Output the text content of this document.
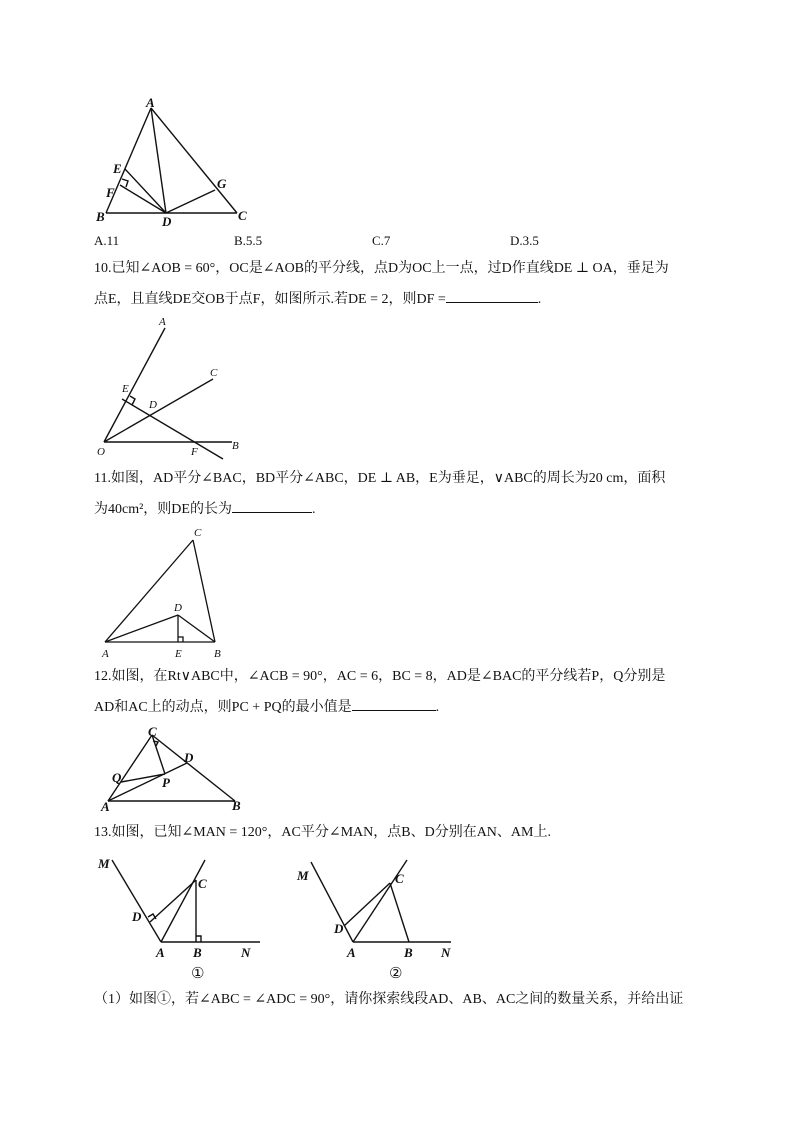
A
E
F
B	D
G
C
A.11	B.5.5	C.7	D.3.5
10.已知∠AOB = 60°，OC是∠AOB的平分线，点D为OC上一点，过D作直线DE ⊥ OA，垂足为
点E，且直线DE交OB于点F，如图所示.若DE = 2，则DF =	.
A
C
E
D
O	F	B
11.如图，AD平分∠BAC，BD平分∠ABC，DE ⊥ AB，E为垂足，∨ABC的周长为20 cm，面积
为40cm²，则DE的长为	.
C
D
A	E	B
12.如图，在Rt∨ABC中，∠ACB = 90°，AC = 6，BC = 8，AD是∠BAC的平分线若P，Q分别是
AD和AC上的动点，则PC + PQ的最小值是	.
C
D
Q	P
A	B
13.如图，已知∠MAN = 120°，AC平分∠MAN，点B、D分别在AN、AM上.
M
C
D
A B	N
①
M	C
D
A	B N
②
（1）如图①，若∠ABC = ∠ADC = 90°，请你探索线段AD、AB、AC之间的数量关系，并给出证
